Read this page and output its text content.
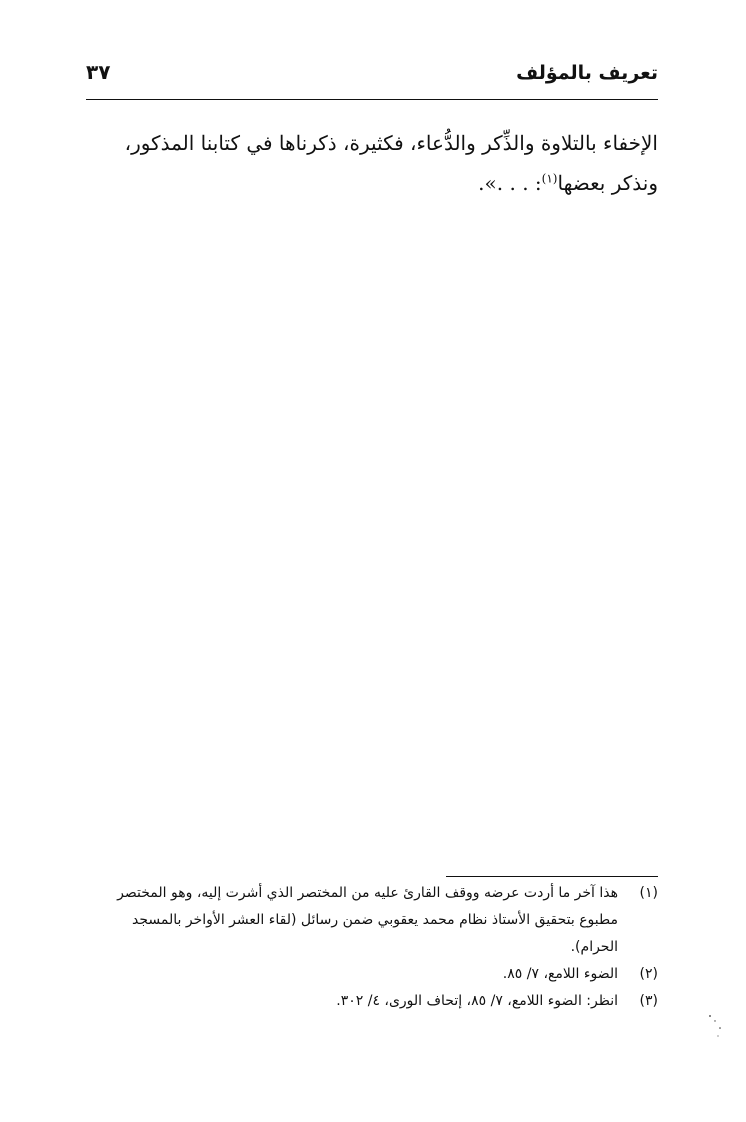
تعريف بالمؤلف
٣٧

الإخفاء بالتلاوة والذِّكر والدُّعاء، فكثيرة، ذكرناها في كتابنا المذكور،

ونذكر بعضها$^{(١)}$: . . .».

(١)
هذا آخر ما أردت عرضه ووقف القارئ عليه من المختصر الذي أشرت إليه، وهو المختصر مطبوع بتحقيق الأستاذ نظام محمد يعقوبي ضمن رسائل (لقاء العشر الأواخر بالمسجد الحرام).
(٢)
الضوء اللامع، ٧/ ٨٥.
(٣)
انظر: الضوء اللامع، ٧/ ٨٥، إتحاف الورى، ٤/ ٣٠٢.
